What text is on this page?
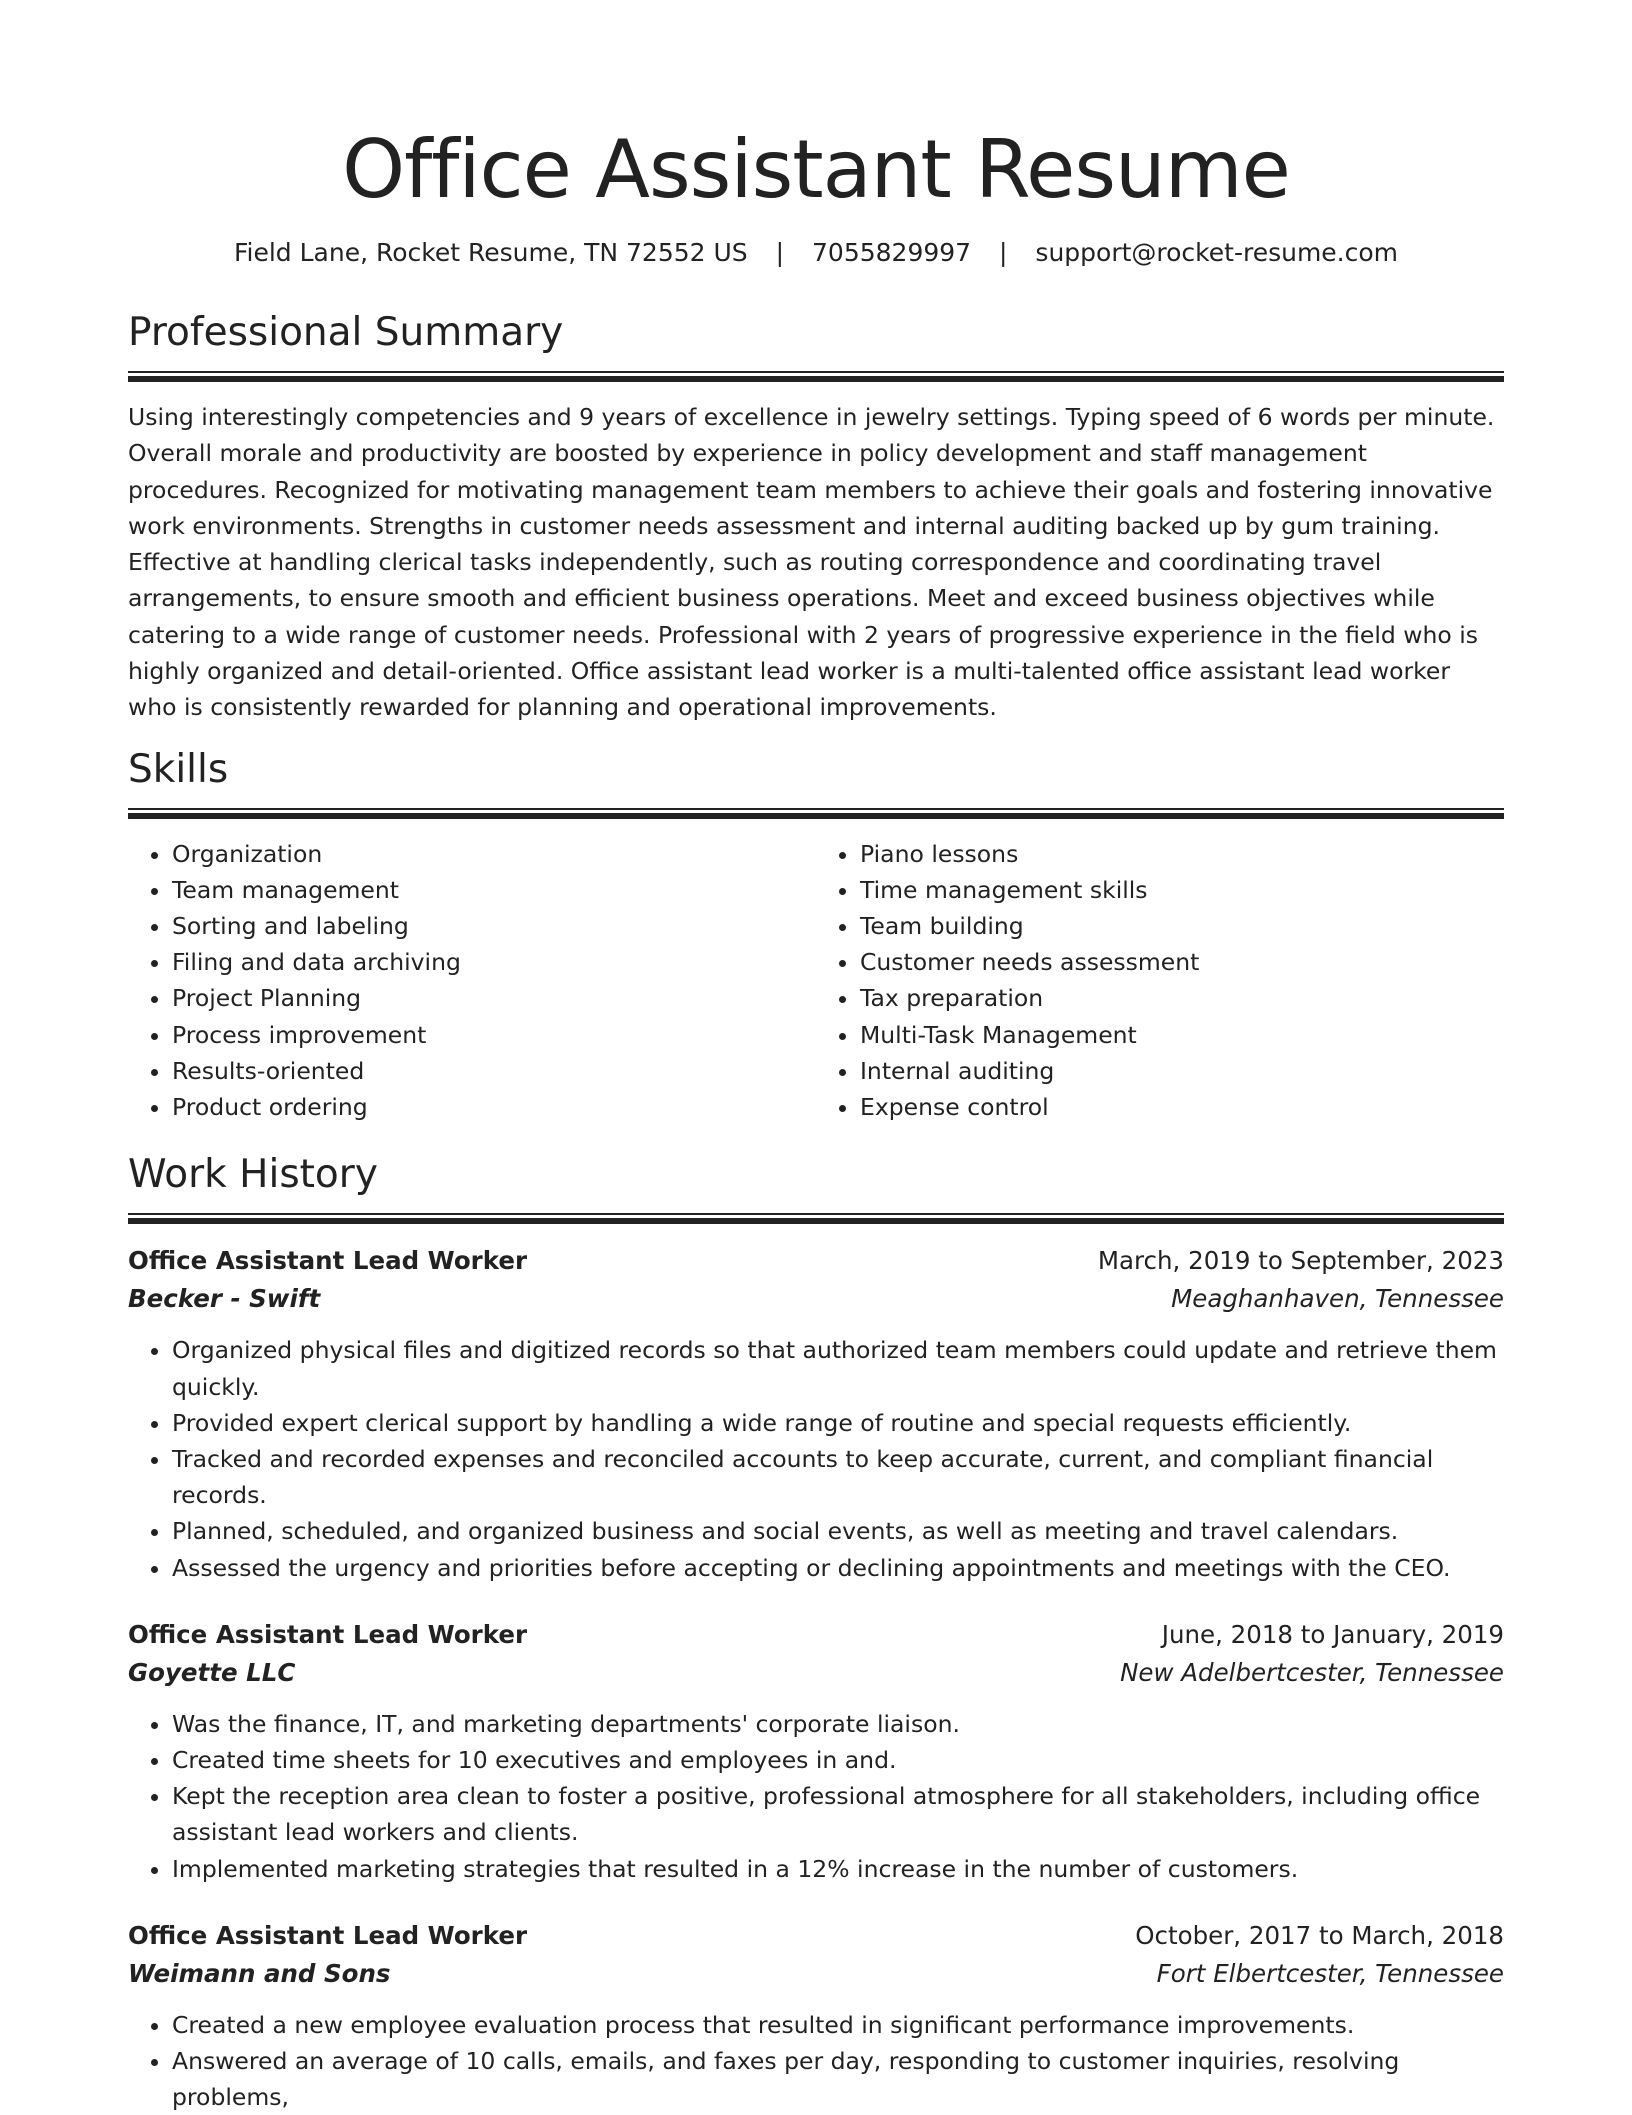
Office Assistant Resume
Field Lane, Rocket Resume, TN 72552 US | 7055829997 | support@rocket-resume.com
Professional Summary

Using interestingly competencies and 9 years of excellence in jewelry settings. Typing speed of 6 words per minute. Overall morale and productivity are boosted by experience in policy development and staff management procedures. Recognized for motivating management team members to achieve their goals and fostering innovative work environments. Strengths in customer needs assessment and internal auditing backed up by gum training. Effective at handling clerical tasks independently, such as routing correspondence and coordinating travel arrangements, to ensure smooth and efficient business operations. Meet and exceed business objectives while catering to a wide range of customer needs. Professional with 2 years of progressive experience in the field who is highly organized and detail-oriented. Office assistant lead worker is a multi-talented office assistant lead worker who is consistently rewarded for planning and operational improvements.

Skills
• Organization
• Team management
• Sorting and labeling
• Filing and data archiving
• Project Planning
• Process improvement
• Results-oriented
• Product ordering
• Piano lessons
• Time management skills
• Team building
• Customer needs assessment
• Tax preparation
• Multi-Task Management
• Internal auditing
• Expense control
Work History
Office Assistant Lead Worker	March, 2019 to September, 2023
Becker - Swift	Meaghanhaven, Tennessee
• Organized physical files and digitized records so that authorized team members could update and retrieve them quickly.
• Provided expert clerical support by handling a wide range of routine and special requests efficiently.
• Tracked and recorded expenses and reconciled accounts to keep accurate, current, and compliant financial records.
• Planned, scheduled, and organized business and social events, as well as meeting and travel calendars.
• Assessed the urgency and priorities before accepting or declining appointments and meetings with the CEO.
Office Assistant Lead Worker	June, 2018 to January, 2019
Goyette LLC	New Adelbertcester, Tennessee
• Was the finance, IT, and marketing departments' corporate liaison.
• Created time sheets for 10 executives and employees in and.
• Kept the reception area clean to foster a positive, professional atmosphere for all stakeholders, including office assistant lead workers and clients.
• Implemented marketing strategies that resulted in a 12% increase in the number of customers.
Office Assistant Lead Worker	October, 2017 to March, 2018
Weimann and Sons	Fort Elbertcester, Tennessee
• Created a new employee evaluation process that resulted in significant performance improvements.
• Answered an average of 10 calls, emails, and faxes per day, responding to customer inquiries, resolving problems,
